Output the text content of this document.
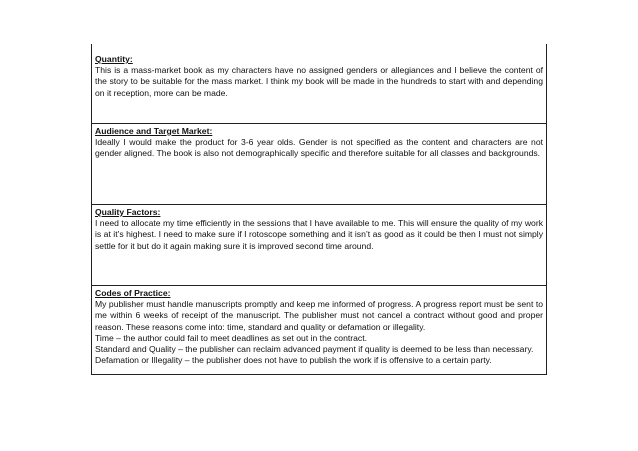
Quantity:
This is a mass-market book as my characters have no assigned genders or allegiances and I believe the content of the story to be suitable for the mass market. I think my book will be made in the hundreds to start with and depending on it reception, more can be made.
Audience and Target Market:
Ideally I would make the product for 3-6 year olds. Gender is not specified as the content and characters are not gender aligned. The book is also not demographically specific and therefore suitable for all classes and backgrounds.
Quality Factors:
I need to allocate my time efficiently in the sessions that I have available to me. This will ensure the quality of my work is at it’s highest. I need to make sure if I rotoscope something and it isn’t as good as it could be then I must not simply settle for it but do it again making sure it is improved second time around.
Codes of Practice:
My publisher must handle manuscripts promptly and keep me informed of progress. A progress report must be sent to me within 6 weeks of receipt of the manuscript. The publisher must not cancel a contract without good and proper reason. These reasons come into: time, standard and quality or defamation or illegality.
Time – the author could fail to meet deadlines as set out in the contract.
Standard and Quality – the publisher can reclaim advanced payment if quality is deemed to be less than necessary.
Defamation or Illegality – the publisher does not have to publish the work if is offensive to a certain party.
